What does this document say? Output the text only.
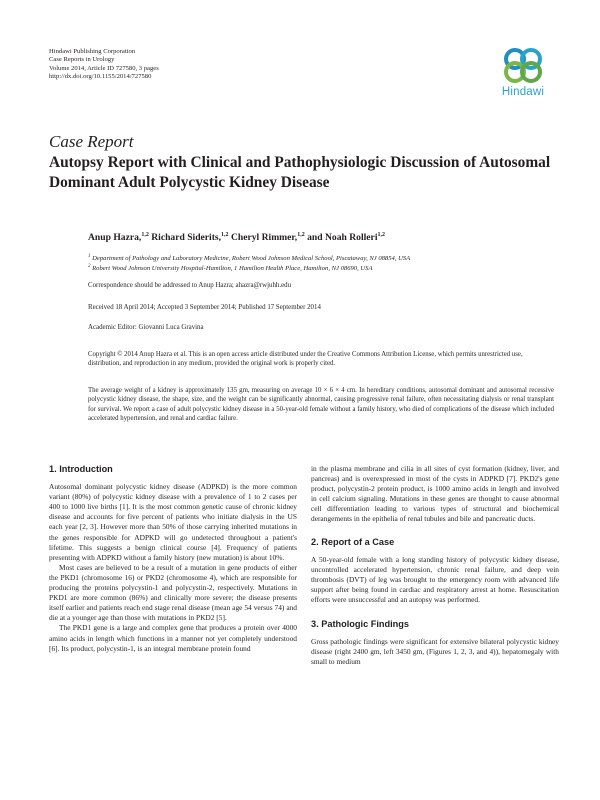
Hindawi Publishing Corporation
Case Reports in Urology
Volume 2014, Article ID 727580, 3 pages
http://dx.doi.org/10.1155/2014/727580
Hindawi
Case Report
Autopsy Report with Clinical and Pathophysiologic Discussion of Autosomal Dominant Adult Polycystic Kidney Disease
Anup Hazra,$^{1,2}$ Richard Siderits,$^{1,2}$ Cheryl Rimmer,$^{1,2}$ and Noah Rolleri$^{1,2}$
$^1$ Department of Pathology and Laboratory Medicine, Robert Wood Johnson Medical School, Piscataway, NJ 08854, USA
$^2$ Robert Wood Johnson University Hospital-Hamilton, 1 Hamilton Health Place, Hamilton, NJ 08690, USA
Correspondence should be addressed to Anup Hazra; ahazra@rwjuhh.edu
Received 18 April 2014; Accepted 3 September 2014; Published 17 September 2014
Academic Editor: Giovanni Luca Gravina
Copyright © 2014 Anup Hazra et al. This is an open access article distributed under the Creative Commons Attribution License, which permits unrestricted use, distribution, and reproduction in any medium, provided the original work is properly cited.
The average weight of a kidney is approximately 135 gm, measuring on average 10 × 6 × 4 cm. In hereditary conditions, autosomal dominant and autosomal recessive polycystic kidney disease, the shape, size, and the weight can be significantly abnormal, causing progressive renal failure, often necessitating dialysis or renal transplant for survival. We report a case of adult polycystic kidney disease in a 50-year-old female without a family history, who died of complications of the disease which included accelerated hypertension, and renal and cardiac failure.
1. Introduction

Autosomal dominant polycystic kidney disease (ADPKD) is the more common variant (80%) of polycystic kidney disease with a prevalence of 1 to 2 cases per 400 to 1000 live births [1]. It is the most common genetic cause of chronic kidney disease and accounts for five percent of patients who initiate dialysis in the US each year [2, 3]. However more than 50% of those carrying inherited mutations in the genes responsible for ADPKD will go undetected throughout a patient's lifetime. This suggests a benign clinical course [4]. Frequency of patients presenting with ADPKD without a family history (new mutation) is about 10%.

Most cases are believed to be a result of a mutation in gene products of either the PKD1 (chromosome 16) or PKD2 (chromosome 4), which are responsible for producing the proteins polycystin-1 and polycystin-2, respectively. Mutations in PKD1 are more common (86%) and clinically more severe; the disease presents itself earlier and patients reach end stage renal disease (mean age 54 versus 74) and die at a younger age than those with mutations in PKD2 [5].

The PKD1 gene is a large and complex gene that produces a protein over 4000 amino acids in length which functions in a manner not yet completely understood [6]. Its product, polycystin-1, is an integral membrane protein found

in the plasma membrane and cilia in all sites of cyst formation (kidney, liver, and pancreas) and is overexpressed in most of the cysts in ADPKD [7]. PKD2's gene product, polycystin-2 protein product, is 1000 amino acids in length and involved in cell calcium signaling. Mutations in these genes are thought to cause abnormal cell differentiation leading to various types of structural and biochemical derangements in the epithelia of renal tubules and bile and pancreatic ducts.

2. Report of a Case

A 50-year-old female with a long standing history of polycystic kidney disease, uncontrolled accelerated hypertension, chronic renal failure, and deep vein thrombosis (DVT) of leg was brought to the emergency room with advanced life support after being found in cardiac and respiratory arrest at home. Resuscitation efforts were unsuccessful and an autopsy was performed.

3. Pathologic Findings

Gross pathologic findings were significant for extensive bilateral polycystic kidney disease (right 2400 gm, left 3450 gm, (Figures 1, 2, 3, and 4)), hepatomegaly with small to medium
